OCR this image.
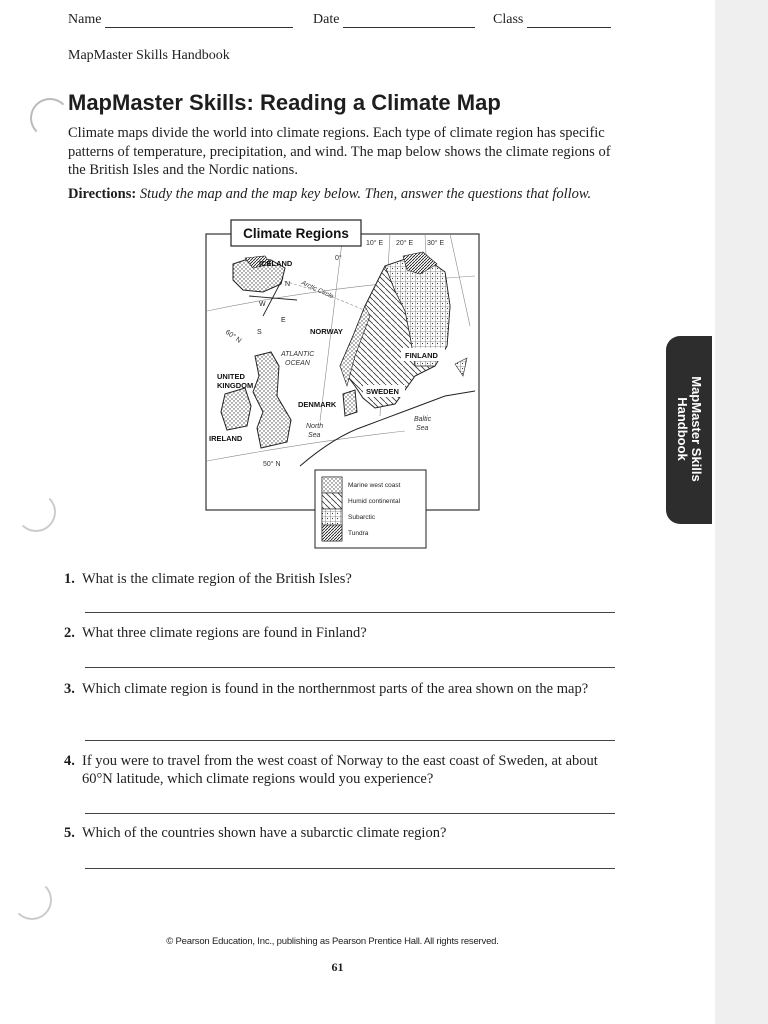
Name	Date	Class
MapMaster Skills Handbook
MapMaster Skills: Reading a Climate Map

Climate maps divide the world into climate regions. Each type of climate region has specific patterns of temperature, precipitation, and wind. The map below shows the climate regions of the British Isles and the Nordic nations.

Directions: Study the map and the map key below. Then, answer the questions that follow.
MapMaster Skills
Handbook
Climate Regions
10° E 20° E 30° E
0°
60° N
50° N
N
S
E
W
ICELAND
Arctic Circle
NORWAY
ATLANTIC
OCEAN
FINLAND
UNITED
KINGDOM
SWEDEN
DENMARK
Baltic
Sea
North
Sea
IRELAND
Marine west coast
Humid continental
Subarctic
Tundra
1. What is the climate region of the British Isles?
2. What three climate regions are found in Finland?
3. Which climate region is found in the northernmost parts of the area shown on the map?
4. If you were to travel from the west coast of Norway to the east coast of Sweden, at about 60°N latitude, which climate regions would you experience?
5. Which of the countries shown have a subarctic climate region?
© Pearson Education, Inc., publishing as Pearson Prentice Hall. All rights reserved.
61
